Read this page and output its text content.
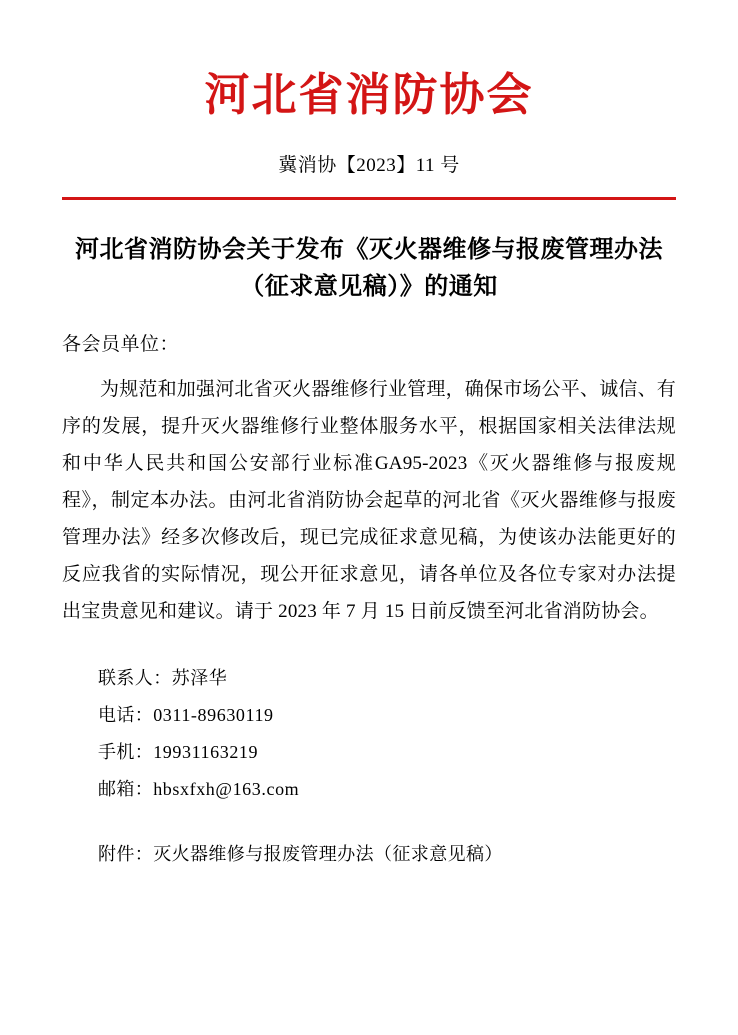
河北省消防协会
冀消协【2023】11 号
河北省消防协会关于发布《灭火器维修与报废管理办法（征求意见稿）》的通知
各会员单位：
为规范和加强河北省灭火器维修行业管理，确保市场公平、诚信、有序的发展，提升灭火器维修行业整体服务水平，根据国家相关法律法规和中华人民共和国公安部行业标准GA95-2023《灭火器维修与报废规程》，制定本办法。由河北省消防协会起草的河北省《灭火器维修与报废管理办法》经多次修改后，现已完成征求意见稿，为使该办法能更好的反应我省的实际情况，现公开征求意见，请各单位及各位专家对办法提出宝贵意见和建议。请于 2023 年 7 月 15 日前反馈至河北省消防协会。
联系人：苏泽华
电话：0311-89630119
手机：19931163219
邮箱：hbsxfxh@163.com
附件：灭火器维修与报废管理办法（征求意见稿）
